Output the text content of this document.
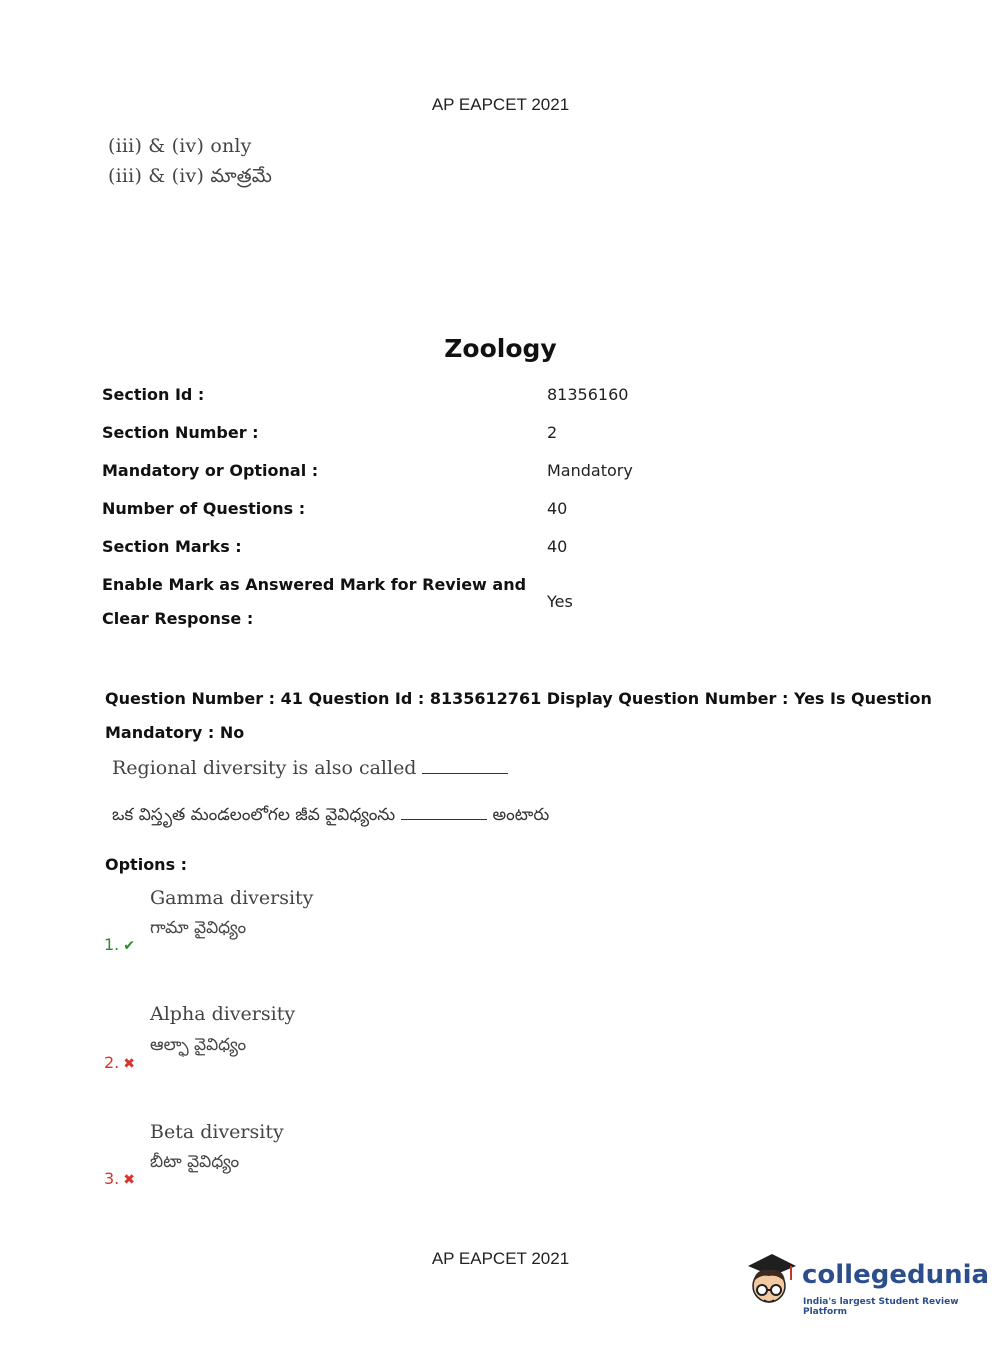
AP EAPCET 2021
(iii) & (iv) only
(iii) & (iv) మాత్రమే
Zoology
Section Id :	81356160
Section Number :	2
Mandatory or Optional :	Mandatory
Number of Questions :	40
Section Marks :	40
Enable Mark as Answered Mark for Review and
Clear Response :
Yes
Question Number : 41 Question Id : 8135612761 Display Question Number : Yes Is Question
Mandatory : No
Regional diversity is also called
ఒక విస్తృత మండలంలోగల జీవ వైవిధ్యంను	అంటారు
Options :
Gamma diversity
గామా వైవిధ్యం
1. ✔
Alpha diversity
ఆల్ఫా వైవిధ్యం
2. ✖
Beta diversity
బీటా వైవిధ్యం
3. ✖
AP EAPCET 2021
collegedunia
India's largest Student Review Platform
